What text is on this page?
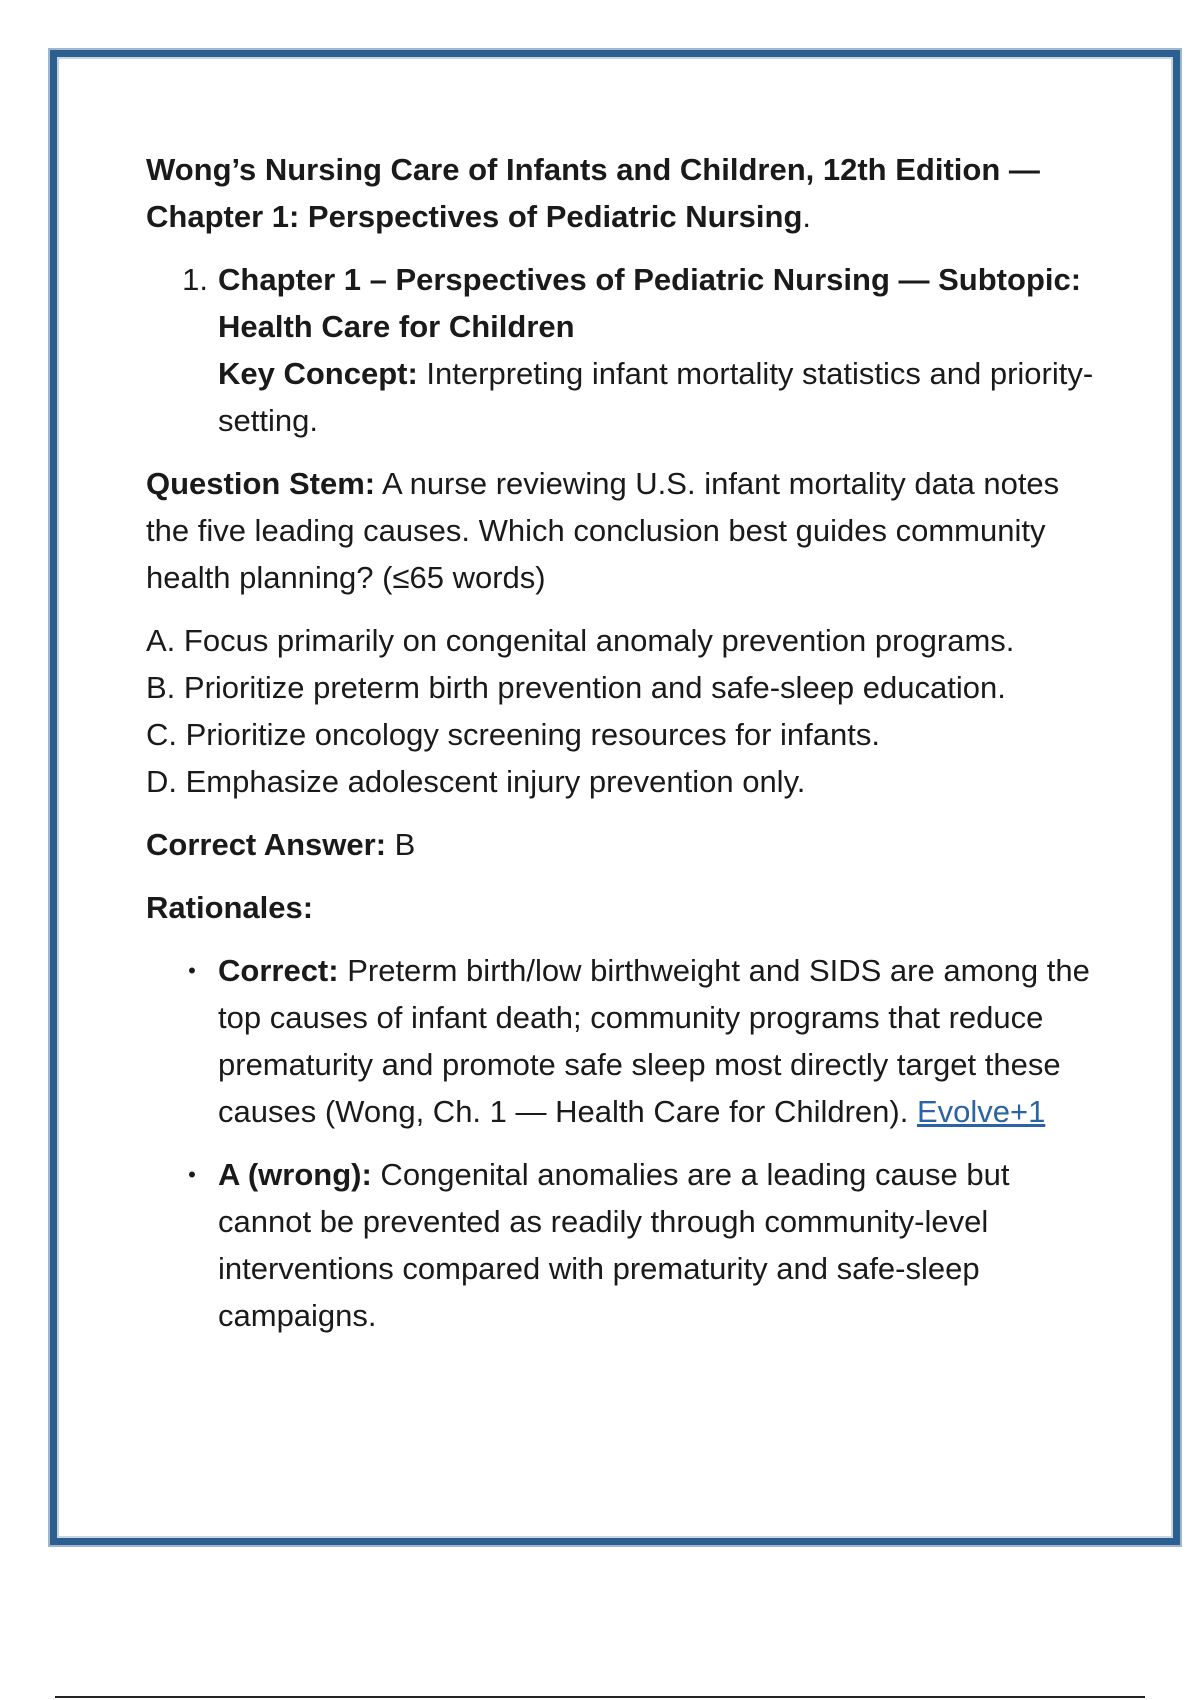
Wong’s Nursing Care of Infants and Children, 12th Edition — Chapter 1: Perspectives of Pediatric Nursing.

1. Chapter 1 – Perspectives of Pediatric Nursing — Subtopic: Health Care for Children

Key Concept: Interpreting infant mortality statistics and priority-setting.

Question Stem: A nurse reviewing U.S. infant mortality data notes the five leading causes. Which conclusion best guides community health planning? (≤65 words)

A. Focus primarily on congenital anomaly prevention programs.

B. Prioritize preterm birth prevention and safe-sleep education.

C. Prioritize oncology screening resources for infants.

D. Emphasize adolescent injury prevention only.

Correct Answer: B

Rationales:

• Correct: Preterm birth/low birthweight and SIDS are among the top causes of infant death; community programs that reduce prematurity and promote safe sleep most directly target these causes (Wong, Ch. 1 — Health Care for Children). Evolve+1
• A (wrong): Congenital anomalies are a leading cause but cannot be prevented as readily through community-level interventions compared with prematurity and safe-sleep campaigns.
